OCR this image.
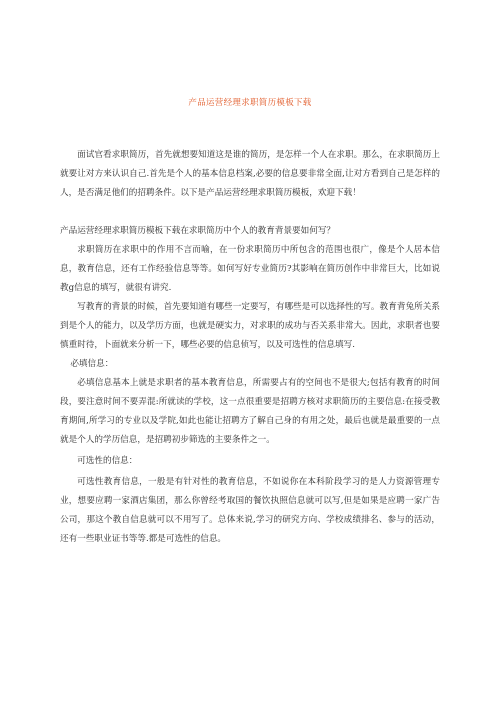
产品运营经理求职简历模板下载

面试官看求职简历，首先就想要知道这是谁的简历，是怎样一个人在求职。那么，在求职简历上就要让对方来认识自己.首先是个人的基本信息档案,必要的信息要非常全面,让对方看到自己是怎样的人，是否满足他们的招聘条件。以下是产品运营经理求职简历模板，欢迎下载！

产品运营经理求职简历模板下载在求职简历中个人的教育背景要如何写？

求职简历在求职中的作用不言而喻，在一份求职简历中所包含的范围也很广，像是个人居本信息，教育信息，还有工作经验信息等等。如何写好专业简历?其影响在简历创作中非常巨大，比如说教g信息的填写，就很有讲究.

写教育的背景的时候，首先要知道有哪些一定要写，有哪些是可以选择性的写。教育背兔所关系到是个人的能力，以及学历方面，也就是硬实力，对求职的成功与否关系非常大。因此，求职者也要慎重时待，卜面就来分析一下，哪些必要的信息侦写，以及可选性的信息填写.

必填信息：

必填信息基本上就是求职者的基本教育信息，所需要占有的空间也不是很大;包括有教育的时间段，要注意时间不要弄混:所就读的学校，这一点很重要是招聘方核对求职简历的主要信息:在接受教育期间,所学习的专业以及学院,如此也能让招聘方了解自己身的有用之处，最后也就是最重要的一点就是个人的学历信息，是招聘初步筛选的主要条件之一。

可选性的信息：

可选性教育信息，一般是有针对性的教育信息，不如说你在本科阶段学习的是人力资源管理专业，想要应聘一家酒店集团，那么你曾经考取国的餐饮执照信息就可以写,但是如果是应聘一家广告公司，那这个教自信息就可以不用写了。总体来说,学习的研究方向、学校成绩排名、参与的活动，还有一些职业证书等等.都是可选性的信息。
